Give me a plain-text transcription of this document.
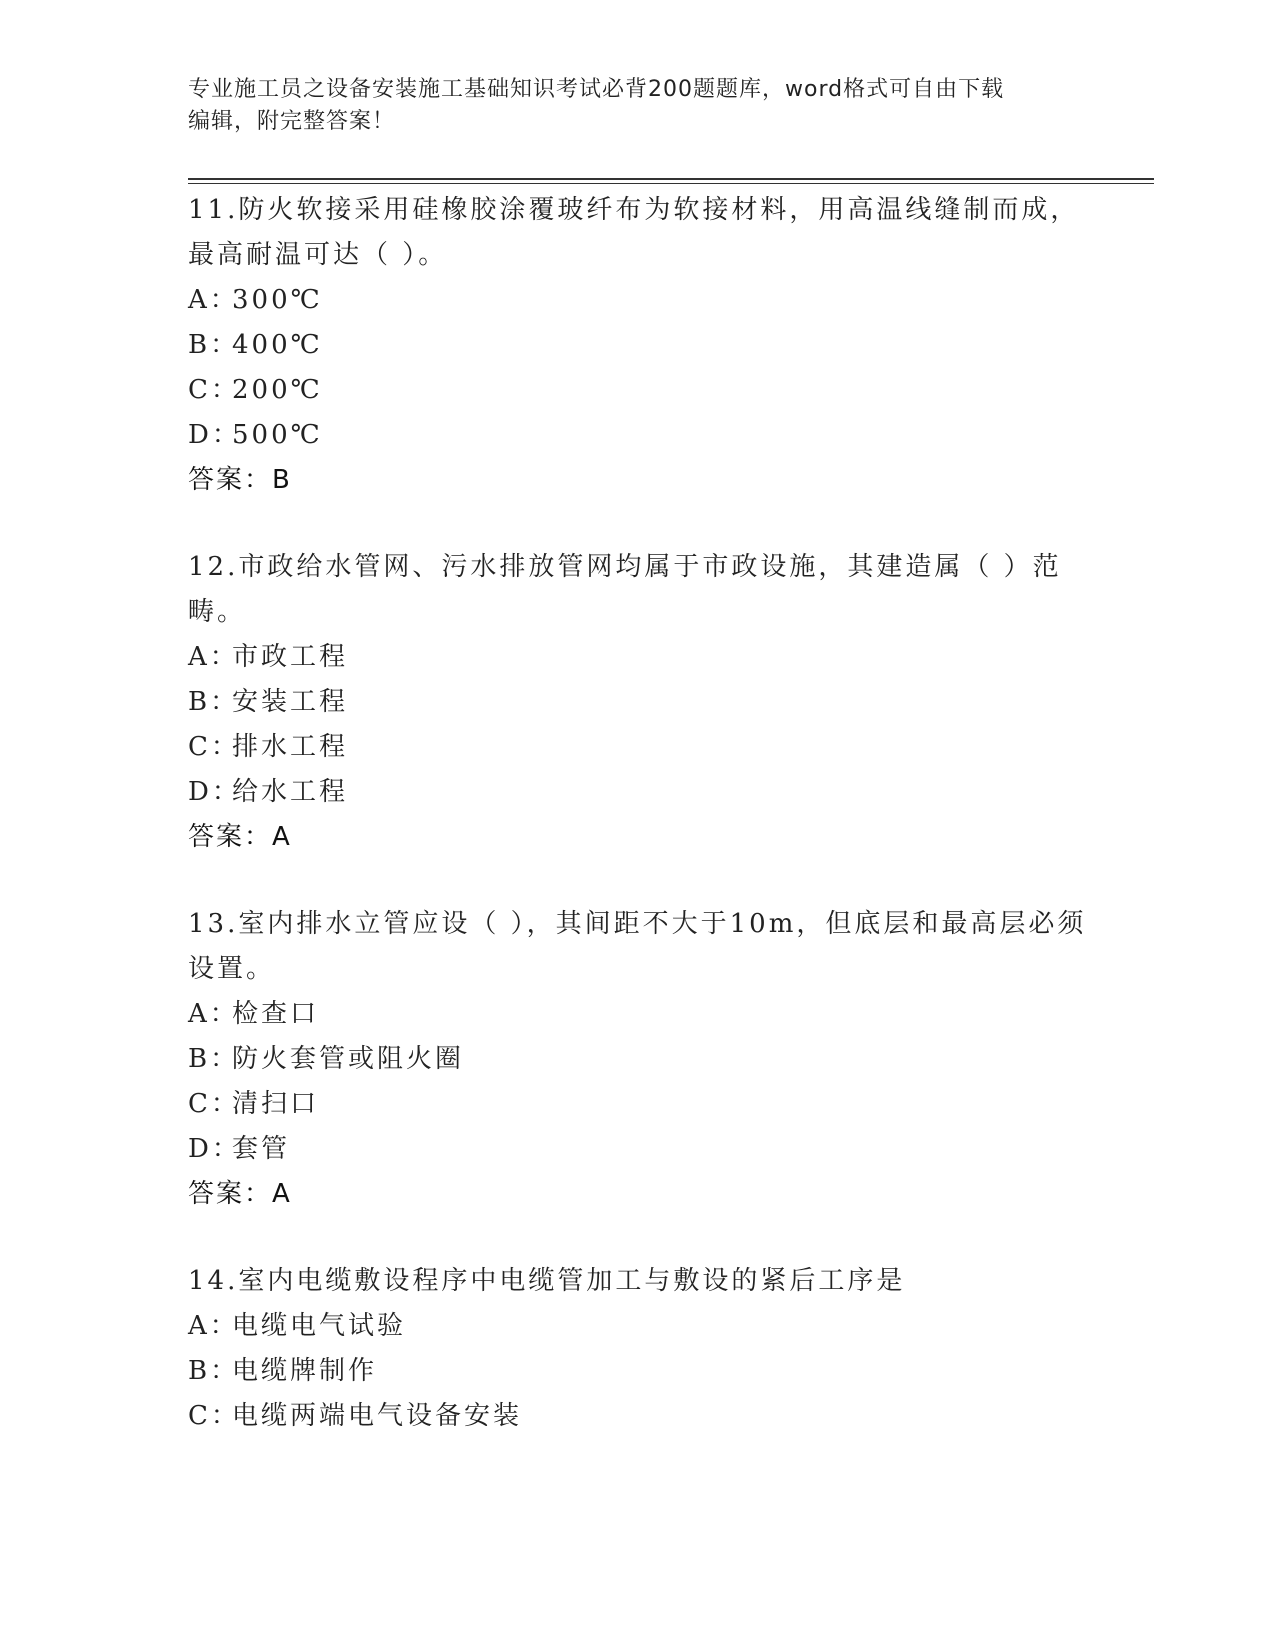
专业施工员之设备安装施工基础知识考试必背200题题库，word格式可自由下载
编辑，附完整答案！

11.防火软接采用硅橡胶涂覆玻纤布为软接材料，用高温线缝制而成，最高耐温可达（ ）。

A：300℃
B：400℃
C：200℃
D：500℃
答案：B

12.市政给水管网、污水排放管网均属于市政设施，其建造属（ ）范畴。

A：市政工程
B：安装工程
C：排水工程
D：给水工程
答案：A

13.室内排水立管应设（ ），其间距不大于10m，但底层和最高层必须设置。

A：检查口
B：防火套管或阻火圈
C：清扫口
D：套管
答案：A

14.室内电缆敷设程序中电缆管加工与敷设的紧后工序是

A：电缆电气试验
B：电缆牌制作
C：电缆两端电气设备安装
